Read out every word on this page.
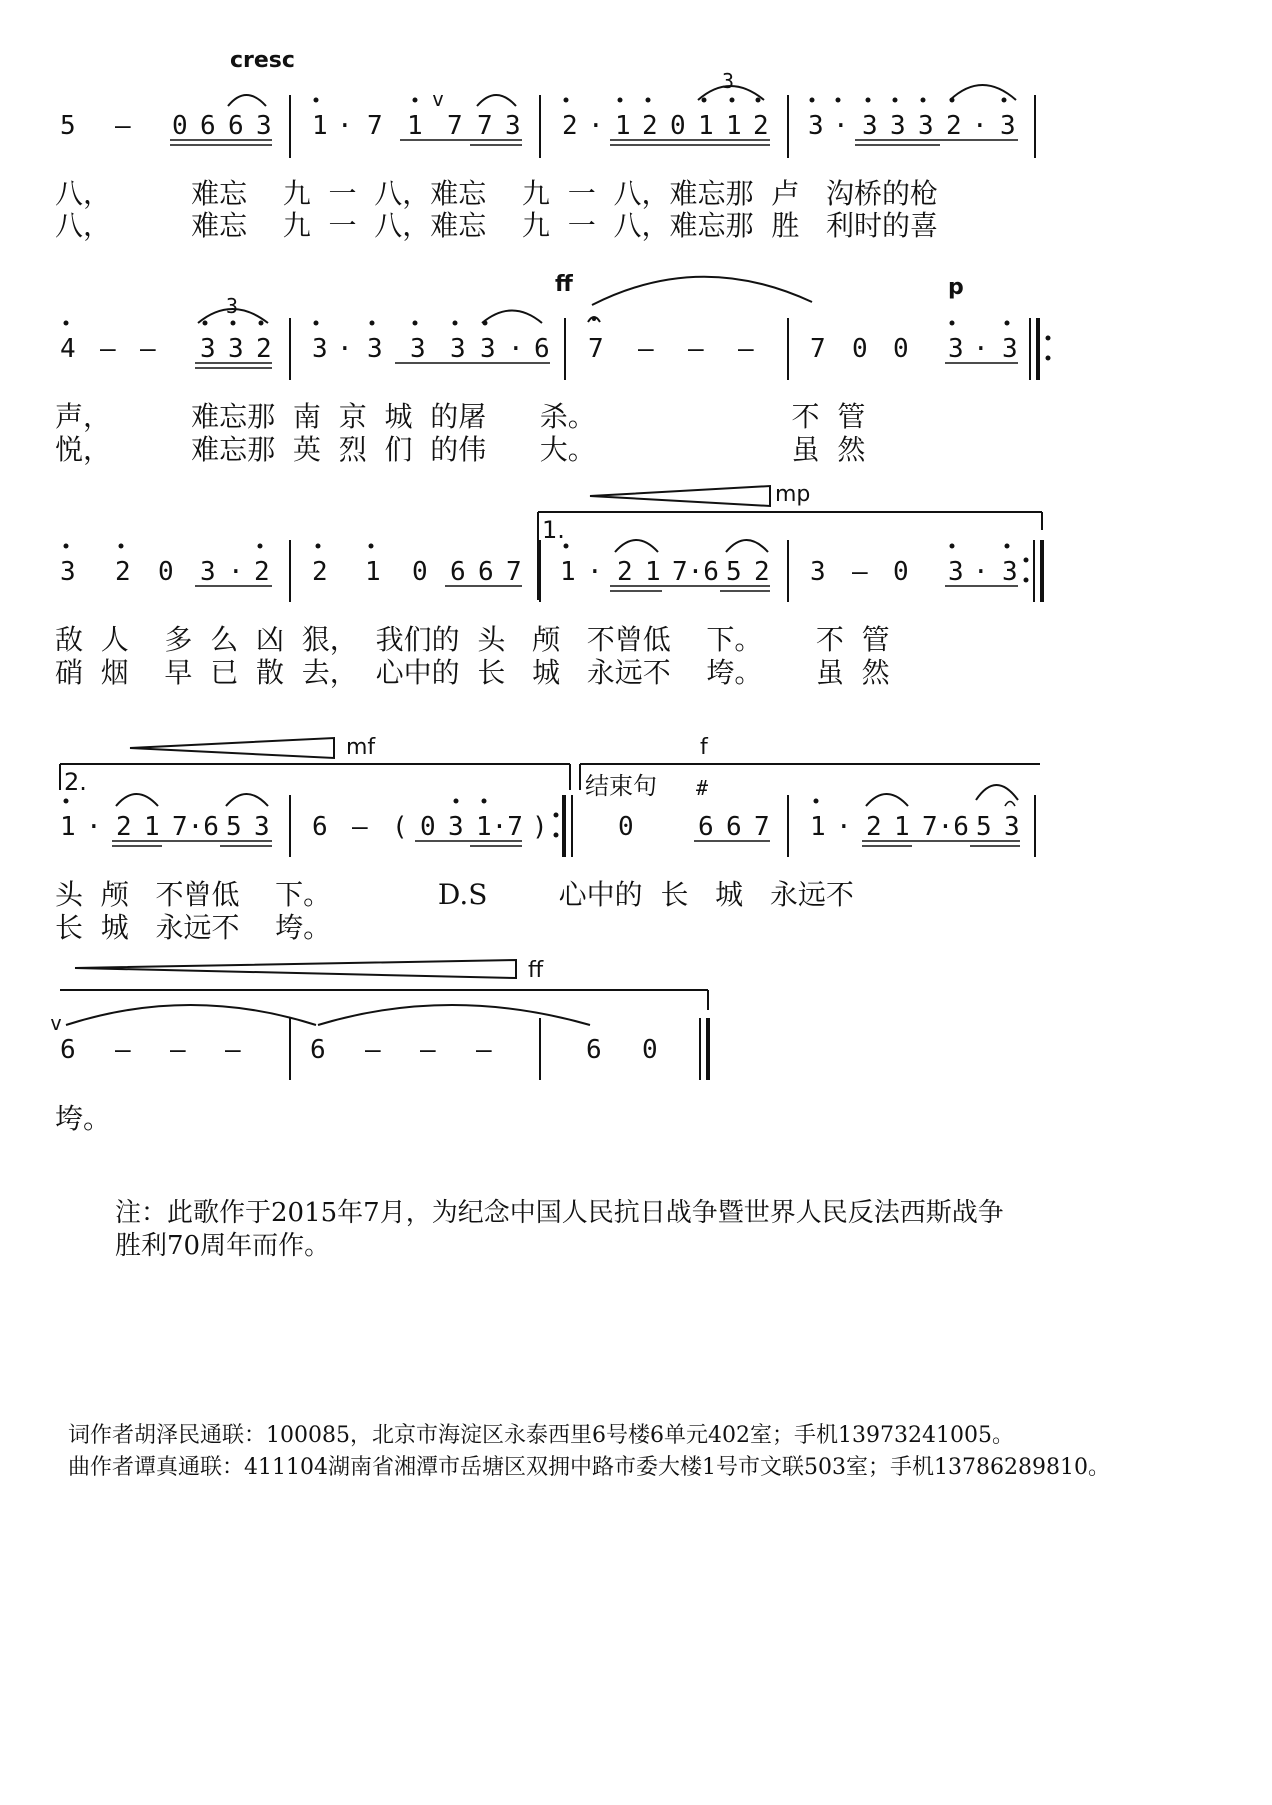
cresc
ff	p
mp
mf	f
ff
1.
2.	结束句
5 – 0 6 6 3 1 · 7 1 7 7 3 2 · 1 2 0 1 1 2 3 · 3 3 3 2 · 3
3
v
4 – – 3 3 2 3 · 3 3 3 3 · 6 7 – – – 7 0 0 3 · 3
3
3 2 0 3 · 2 2 1 0 6 6 7 1 · 2 1 7·6 5 2 3 – 0 3 · 3
1 · 2 1 7·6 5 3 6 – ( 0 3 1·7 )	0 6 6 7 1 · 2 1 7·6 5 3
#
v
6 – – –	6 – – –	6 0
八，         难忘    九  一  八，难忘    九  一  八，难忘那  卢   沟桥的枪
八，         难忘    九  一  八，难忘    九  一  八，难忘那  胜   利时的喜
声，         难忘那  南  京  城  的屠      杀。                      不  管
悦，         难忘那  英  烈  们  的伟      大。                      虽  然
敌  人    多  么  凶  狠，  我们的  头   颅   不曾低    下。      不  管
硝  烟    早  已  散  去，  心中的  长   城   永远不    垮。      虽  然
头  颅   不曾低    下。            D.S        心中的  长   城   永远不
长  城   永远不    垮。
垮。
注：此歌作于2015年7月，为纪念中国人民抗日战争暨世界人民反法西斯战争
胜利70周年而作。
词作者胡泽民通联：100085，北京市海淀区永泰西里6号楼6单元402室；手机13973241005。
曲作者谭真通联：411104湖南省湘潭市岳塘区双拥中路市委大楼1号市文联503室；手机13786289810。
